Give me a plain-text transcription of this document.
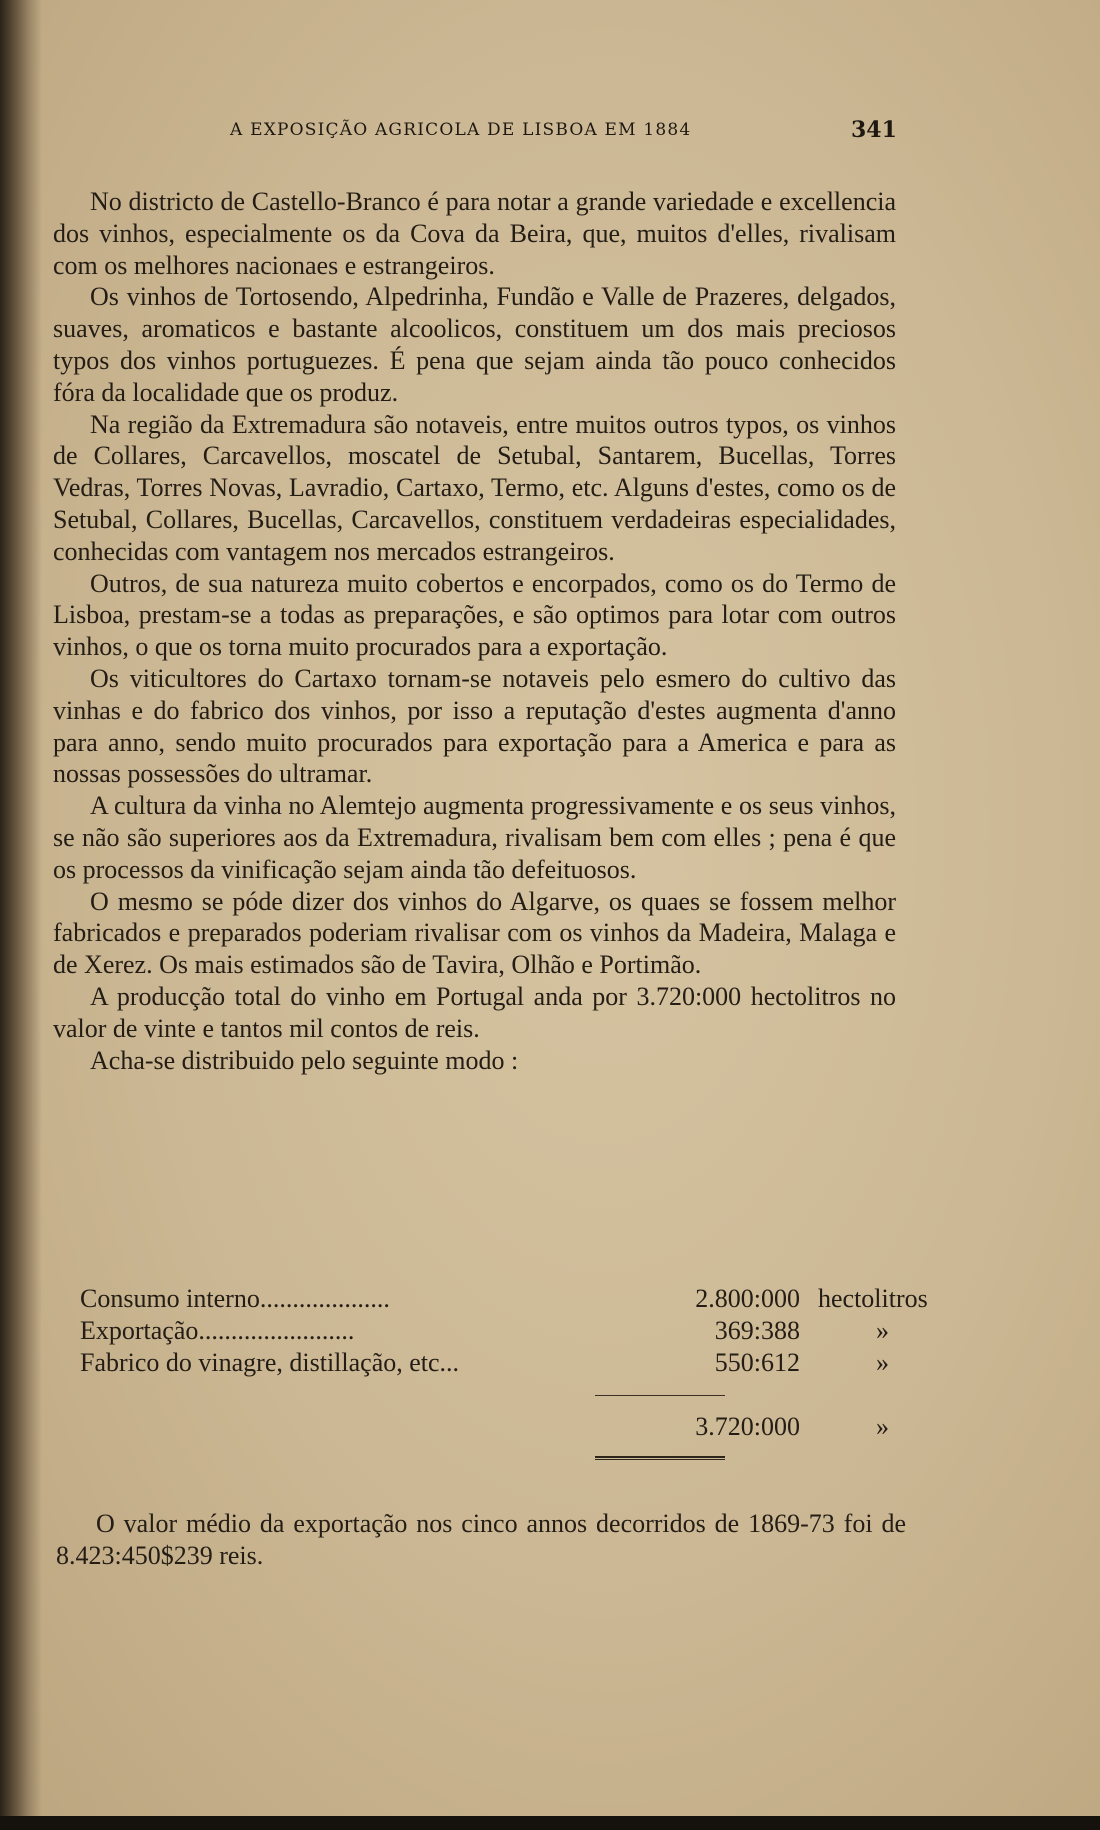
A EXPOSIÇÃO AGRICOLA DE LISBOA EM 1884	341

No districto de Castello-Branco é para notar a grande variedade e excellencia dos vinhos, especialmente os da Cova da Beira, que, muitos d'elles, rivalisam com os melhores nacionaes e estrangeiros.

Os vinhos de Tortosendo, Alpedrinha, Fundão e Valle de Prazeres, delgados, suaves, aromaticos e bastante alcoolicos, constituem um dos mais preciosos typos dos vinhos portuguezes. É pena que sejam ainda tão pouco conhecidos fóra da localidade que os produz.

Na região da Extremadura são notaveis, entre muitos outros typos, os vinhos de Collares, Carcavellos, moscatel de Setubal, Santarem, Bucellas, Torres Vedras, Torres Novas, Lavradio, Cartaxo, Termo, etc. Alguns d'estes, como os de Setubal, Collares, Bucellas, Carcavellos, constituem verdadeiras especialidades, conhecidas com vantagem nos mercados estrangeiros.

Outros, de sua natureza muito cobertos e encorpados, como os do Termo de Lisboa, prestam-se a todas as preparações, e são optimos para lotar com outros vinhos, o que os torna muito procurados para a exportação.

Os viticultores do Cartaxo tornam-se notaveis pelo esmero do cultivo das vinhas e do fabrico dos vinhos, por isso a reputação d'estes augmenta d'anno para anno, sendo muito procurados para exportação para a America e para as nossas possessões do ultramar.

A cultura da vinha no Alemtejo augmenta progressivamente e os seus vinhos, se não são superiores aos da Extremadura, rivalisam bem com elles ; pena é que os processos da vinificação sejam ainda tão defeituosos.

O mesmo se póde dizer dos vinhos do Algarve, os quaes se fossem melhor fabricados e preparados poderiam rivalisar com os vinhos da Madeira, Malaga e de Xerez. Os mais estimados são de Tavira, Olhão e Portimão.

A producção total do vinho em Portugal anda por 3.720:000 hectolitros no valor de vinte e tantos mil contos de reis.

Acha-se distribuido pelo seguinte modo :

Consumo interno....................	2.800:000 hectolitros
Exportação........................	369:388	»
Fabrico do vinagre, distillação, etc...	550:612	»
3.720:000	»

O valor médio da exportação nos cinco annos decorridos de 1869-73 foi de 8.423:450$239 reis.
